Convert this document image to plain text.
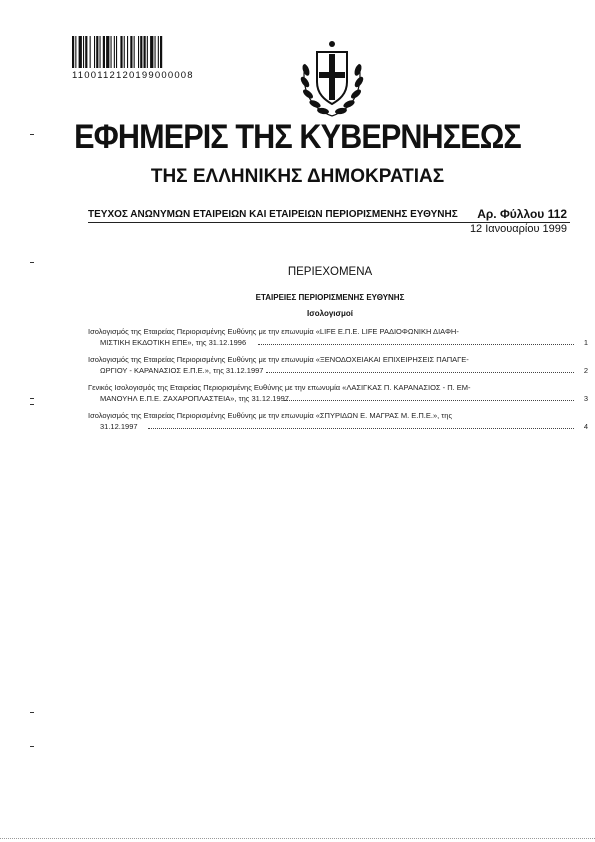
1100112120199000008
ΕΦΗΜΕΡΙΣ ΤΗΣ ΚΥΒΕΡΝΗΣΕΩΣ
ΤΗΣ ΕΛΛΗΝΙΚΗΣ ΔΗΜΟΚΡΑΤΙΑΣ
ΤΕΥΧΟΣ ΑΝΩΝΥΜΩΝ ΕΤΑΙΡΕΙΩΝ ΚΑΙ ΕΤΑΙΡΕΙΩΝ ΠΕΡΙΟΡΙΣΜΕΝΗΣ ΕΥΘΥΝΗΣ Αρ. Φύλλου 112
12 Ιανουαρίου 1999
ΠΕΡΙΕΧΟΜΕΝΑ
ΕΤΑΙΡΕΙΕΣ ΠΕΡΙΟΡΙΣΜΕΝΗΣ ΕΥΘΥΝΗΣ
Ισολογισμοί
Ισολογισμός της Εταιρείας Περιορισμένης Ευθύνης με την επωνυμία «LIFE Ε.Π.Ε. LIFE ΡΑΔΙΟΦΩΝΙΚΗ ΔΙΑΦΗ-
ΜΙΣΤΙΚΗ ΕΚΔΟΤΙΚΗ ΕΠΕ», της 31.12.1996	1
Ισολογισμός της Εταιρείας Περιορισμένης Ευθύνης με την επωνυμία «ΞΕΝΟΔΟΧΕΙΑΚΑΙ ΕΠΙΧΕΙΡΗΣΕΙΣ ΠΑΠΑΓΕ-
ΩΡΓΙΟΥ - ΚΑΡΑΝΑΣΙΟΣ Ε.Π.Ε.», της 31.12.1997	2
Γενικός Ισολογισμός της Εταιρείας Περιορισμένης Ευθύνης με την επωνυμία «ΛΑΣΙΓΚΑΣ Π. ΚΑΡΑΝΑΣΙΟΣ - Π. ΕΜ-
ΜΑΝΟΥΗΛ Ε.Π.Ε. ΖΑΧΑΡΟΠΛΑΣΤΕΙΑ», της 31.12.1997	3
Ισολογισμός της Εταιρείας Περιορισμένης Ευθύνης με την επωνυμία «ΣΠΥΡΙΔΩΝ Ε. ΜΑΓΡΑΣ Μ. Ε.Π.Ε.», της
31.12.1997	4
